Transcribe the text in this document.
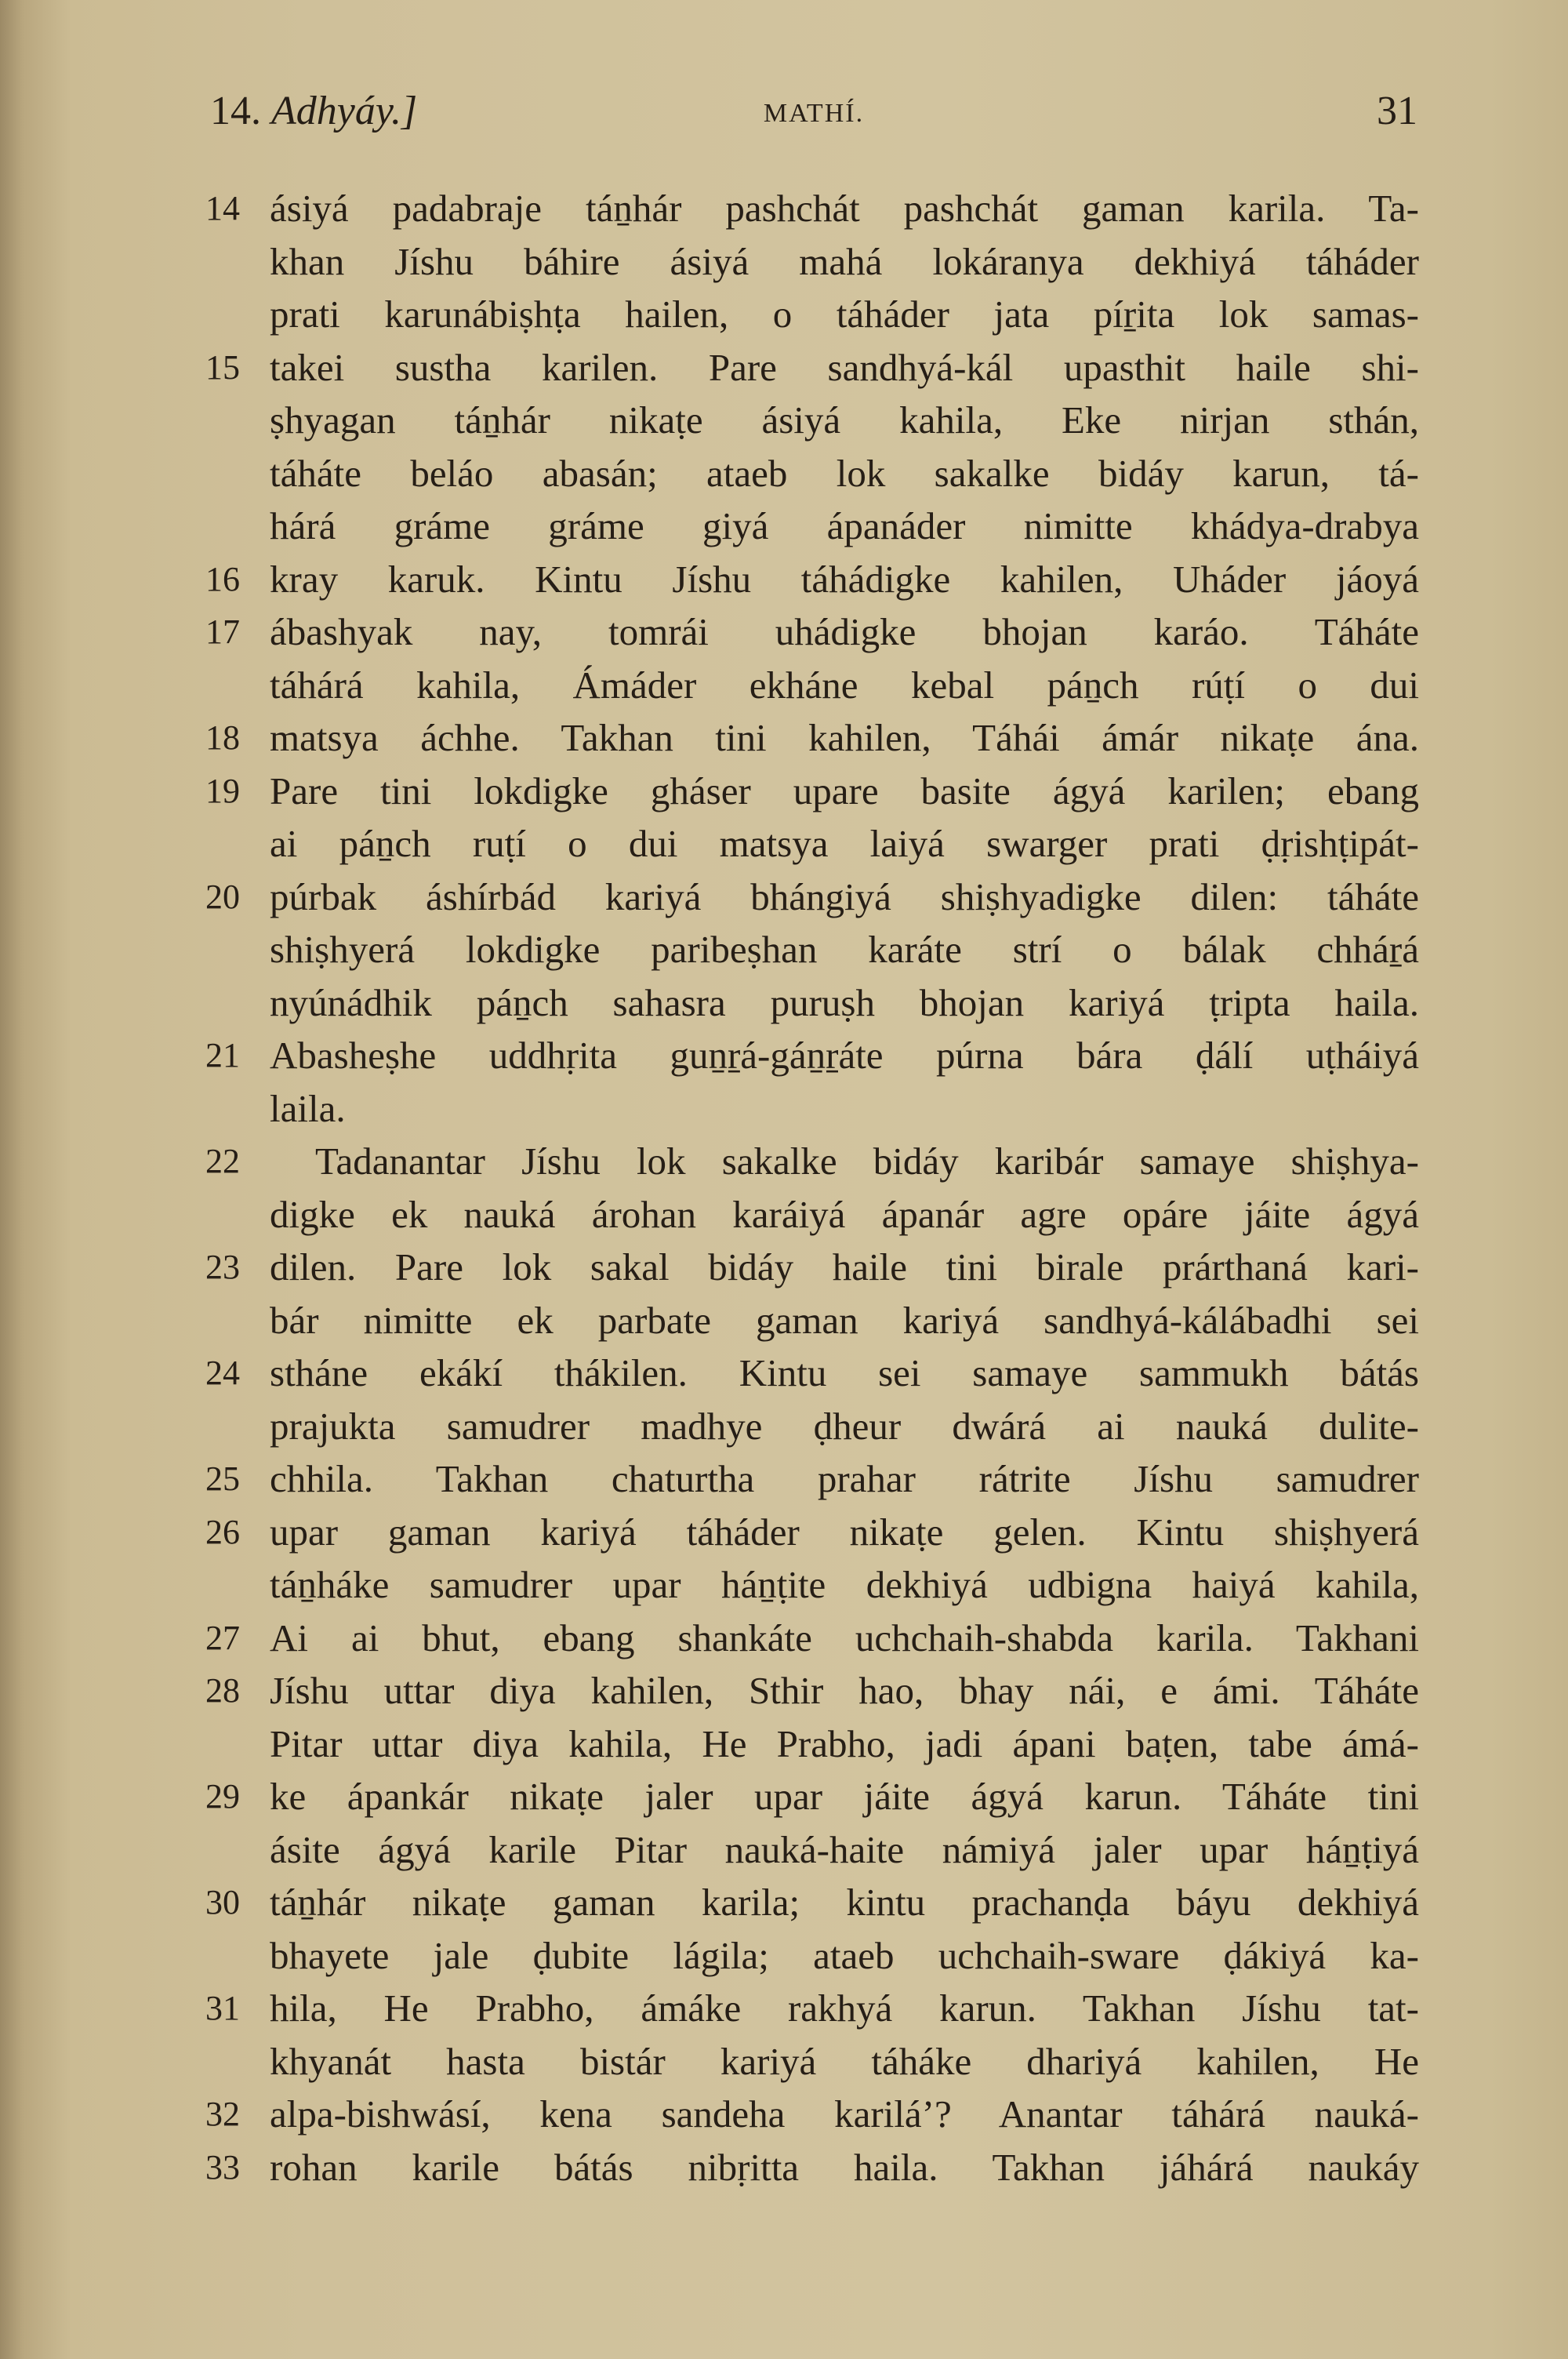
14. Adhyáy.]	MATHÍ.	31
14 ásiyá padabraje táṉhár pashchát pashchát gaman karila. Ta-
khan Jíshu báhire ásiyá mahá lokáranya dekhiyá táháder
prati karunábiṣhṭa hailen, o táháder jata píṟita lok samas-
15 takei sustha karilen. Pare sandhyá-kál upasthit haile shi-
ṣhyagan táṉhár nikaṭe ásiyá kahila, Eke nirjan sthán,
táháte beláo abasán; ataeb lok sakalke bidáy karun, tá-
hárá gráme gráme giyá ápanáder nimitte khádya-drabya
16 kray karuk. Kintu Jíshu táhádigke kahilen, Uháder jáoyá
17 ábashyak nay, tomrái uhádigke bhojan karáo. Táháte
táhárá kahila, Ámáder ekháne kebal páṉch rúṭí o dui
18 matsya áchhe. Takhan tini kahilen, Táhái ámár nikaṭe ána.
19 Pare tini lokdigke gháser upare basite ágyá karilen; ebang
ai páṉch ruṭí o dui matsya laiyá swarger prati ḍṛishṭipát-
20 púrbak áshírbád kariyá bhángiyá shiṣhyadigke dilen: táháte
shiṣhyerá lokdigke paribeṣhan karáte strí o bálak chháṟá
nyúnádhik páṉch sahasra puruṣh bhojan kariyá ṭripta haila.
21 Abasheṣhe uddhṛita guṉṟá-gáṉṟáte púrna bára ḍálí uṭháiyá
laila.
22	Tadanantar Jíshu lok sakalke bidáy karibár samaye shiṣhya-
digke ek nauká árohan karáiyá ápanár agre opáre jáite ágyá
23 dilen. Pare lok sakal bidáy haile tini birale prárthaná kari-
bár nimitte ek parbate gaman kariyá sandhyá-kálábadhi sei
24 stháne ekákí thákilen. Kintu sei samaye sammukh bátás
prajukta samudrer madhye ḍheur dwárá ai nauká dulite-
25 chhila. Takhan chaturtha prahar rátrite Jíshu samudrer
26 upar gaman kariyá táháder nikaṭe gelen. Kintu shiṣhyerá
táṉháke samudrer upar háṉṭite dekhiyá udbigna haiyá kahila,
27 Ai ai bhut, ebang shankáte uchchaih-shabda karila. Takhani
28 Jíshu uttar diya kahilen, Sthir hao, bhay nái, e ámi. Táháte
Pitar uttar diya kahila, He Prabho, jadi ápani baṭen, tabe ámá-
29 ke ápankár nikaṭe jaler upar jáite ágyá karun. Táháte tini
ásite ágyá karile Pitar nauká-haite námiyá jaler upar háṉṭiyá
30 táṉhár nikaṭe gaman karila; kintu prachanḍa báyu dekhiyá
bhayete jale ḍubite lágila; ataeb uchchaih-sware ḍákiyá ka-
31 hila, He Prabho, ámáke rakhyá karun. Takhan Jíshu tat-
khyanát hasta bistár kariyá táháke dhariyá kahilen, He
32 alpa-bishwásí, kena sandeha kariláʼ? Anantar táhárá nauká-
33 rohan karile bátás nibṛitta haila. Takhan jáhárá naukáy
